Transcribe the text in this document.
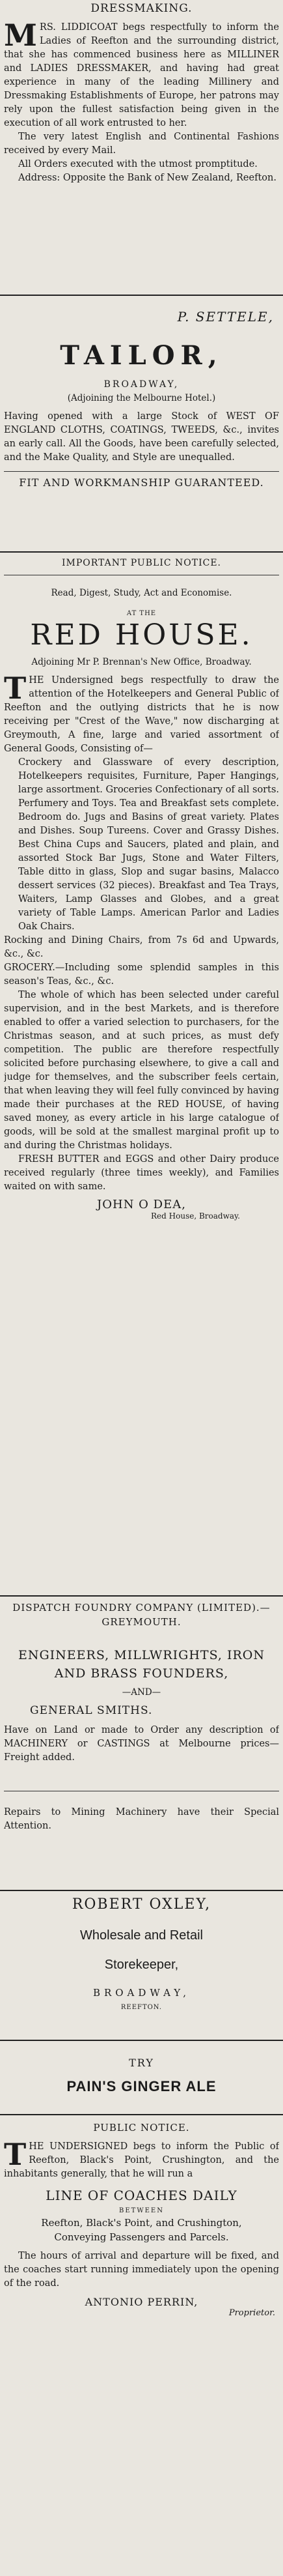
DRESSMAKING.
MRS. LIDDICOAT begs respectfully to inform the Ladies of Reefton and the surrounding district, that she has commenced business here as MILLINER and LADIES DRESSMAKER, and having had great experience in many of the leading Millinery and Dressmaking Establishments of Europe, her patrons may rely upon the fullest satisfaction being given in the execution of all work entrusted to her.
The very latest English and Continental Fashions received by every Mail.
All Orders executed with the utmost promptitude.
Address: Opposite the Bank of New Zealand, Reefton.
P. SETTELE,
TAILOR,
BROADWAY,
(Adjoining the Melbourne Hotel.)
Having opened with a large Stock of WEST OF ENGLAND CLOTHS, COATINGS, TWEEDS, &c., invites an early call. All the Goods, have been carefully selected, and the Make Quality, and Style are unequalled.
FIT AND WORKMANSHIP GUARANTEED.
IMPORTANT PUBLIC NOTICE.
Read, Digest, Study, Act and Economise.
AT THE
RED HOUSE.
Adjoining Mr P. Brennan's New Office, Broadway.
THE Undersigned begs respectfully to draw the attention of the Hotelkeepers and General Public of Reefton and the outlying districts that he is now receiving per "Crest of the Wave," now discharging at Greymouth, A fine, large and varied assortment of General Goods, Consisting of—
Crockery and Glassware of every description, Hotelkeepers requisites, Furniture, Paper Hangings, large assortment. Groceries Confectionary of all sorts. Perfumery and Toys. Tea and Breakfast sets complete. Bedroom do. Jugs and Basins of great variety. Plates and Dishes. Soup Tureens. Cover and Grassy Dishes. Best China Cups and Saucers, plated and plain, and assorted Stock Bar Jugs, Stone and Water Filters, Table ditto in glass, Slop and sugar basins, Malacco dessert services (32 pieces). Breakfast and Tea Trays, Waiters, Lamp Glasses and Globes, and a great variety of Table Lamps. American Parlor and Ladies Oak Chairs.
Rocking and Dining Chairs, from 7s 6d and Upwards, &c., &c.
GROCERY.—Including some splendid samples in this season's Teas, &c., &c.
The whole of which has been selected under careful supervision, and in the best Markets, and is therefore enabled to offer a varied selection to purchasers, for the Christmas season, and at such prices, as must defy competition. The public are therefore respectfully solicited before purchasing elsewhere, to give a call and judge for themselves, and the subscriber feels certain, that when leaving they will feel fully convinced by having made their purchases at the RED HOUSE, of having saved money, as every article in his large catalogue of goods, will be sold at the smallest marginal profit up to and during the Christmas holidays.
FRESH BUTTER and EGGS and other Dairy produce received regularly (three times weekly), and Families waited on with same.
JOHN O DEA,
Red House, Broadway.
DISPATCH FOUNDRY COMPANY (LIMITED).—GREYMOUTH.
ENGINEERS, MILLWRIGHTS, IRON AND BRASS FOUNDERS,
—AND—
GENERAL SMITHS.
Have on Land or made to Order any description of MACHINERY or CASTINGS at Melbourne prices—Freight added.
Repairs to Mining Machinery have their Special Attention.
ROBERT OXLEY,
Wholesale and Retail
Storekeeper,
BROADWAY,
REEFTON.
TRY
PAIN'S GINGER ALE
PUBLIC NOTICE.
THE UNDERSIGNED begs to inform the Public of Reefton, Black's Point, Crushington, and the inhabitants generally, that he will run a
LINE OF COACHES DAILY
BETWEEN
Reefton, Black's Point, and Crushington,
Conveying Passengers and Parcels.
The hours of arrival and departure will be fixed, and the coaches start running immediately upon the opening of the road.
ANTONIO PERRIN,
Proprietor.
